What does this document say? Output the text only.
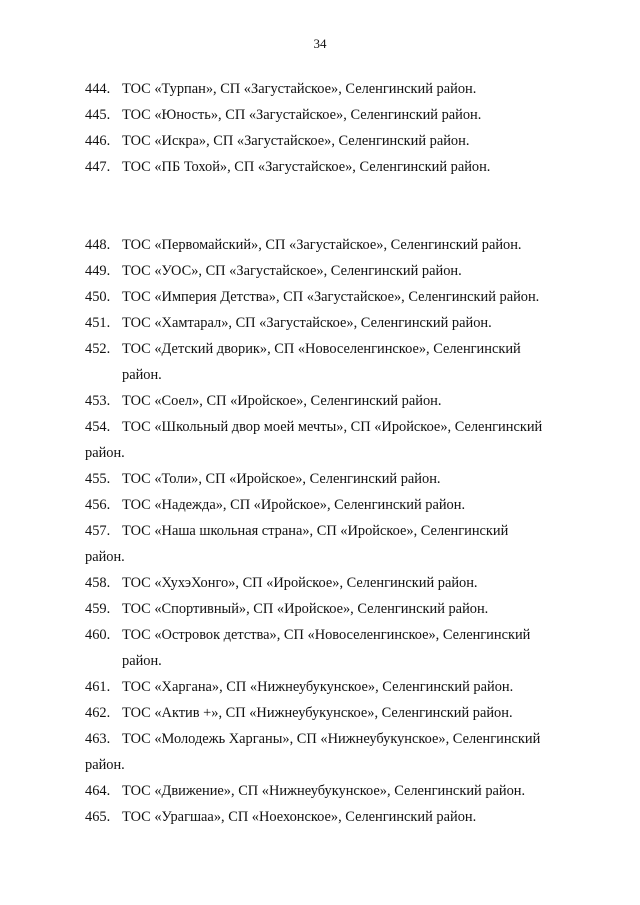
34
444. ТОС «Турпан», СП «Загустайское», Селенгинский район.
445. ТОС «Юность», СП «Загустайское», Селенгинский район.
446. ТОС «Искра», СП «Загустайское», Селенгинский район.
447. ТОС «ПБ Тохой», СП «Загустайское», Селенгинский район.
448. ТОС «Первомайский», СП «Загустайское», Селенгинский район.
449. ТОС «УОС», СП «Загустайское», Селенгинский район.
450. ТОС «Империя Детства», СП «Загустайское», Селенгинский район.
451. ТОС «Хамтарал», СП «Загустайское», Селенгинский район.
452. ТОС «Детский дворик», СП «Новоселенгинское», Селенгинский
район.
453. ТОС «Соел», СП «Иройское», Селенгинский район.
454. ТОС «Школьный двор моей мечты», СП «Иройское», Селенгинский
район.
455. ТОС «Толи», СП «Иройское», Селенгинский район.
456. ТОС «Надежда», СП «Иройское», Селенгинский район.
457. ТОС «Наша школьная страна», СП «Иройское», Селенгинский
район.
458. ТОС «ХухэХонго», СП «Иройское», Селенгинский район.
459. ТОС «Спортивный», СП «Иройское», Селенгинский район.
460. ТОС «Островок детства», СП «Новоселенгинское», Селенгинский
район.
461. ТОС «Харгана», СП «Нижнеубукунское», Селенгинский район.
462. ТОС «Актив +», СП «Нижнеубукунское», Селенгинский район.
463. ТОС «Молодежь Харганы», СП «Нижнеубукунское», Селенгинский
район.
464. ТОС «Движение», СП «Нижнеубукунское», Селенгинский район.
465. ТОС «Урагшаа», СП «Ноехонское», Селенгинский район.
